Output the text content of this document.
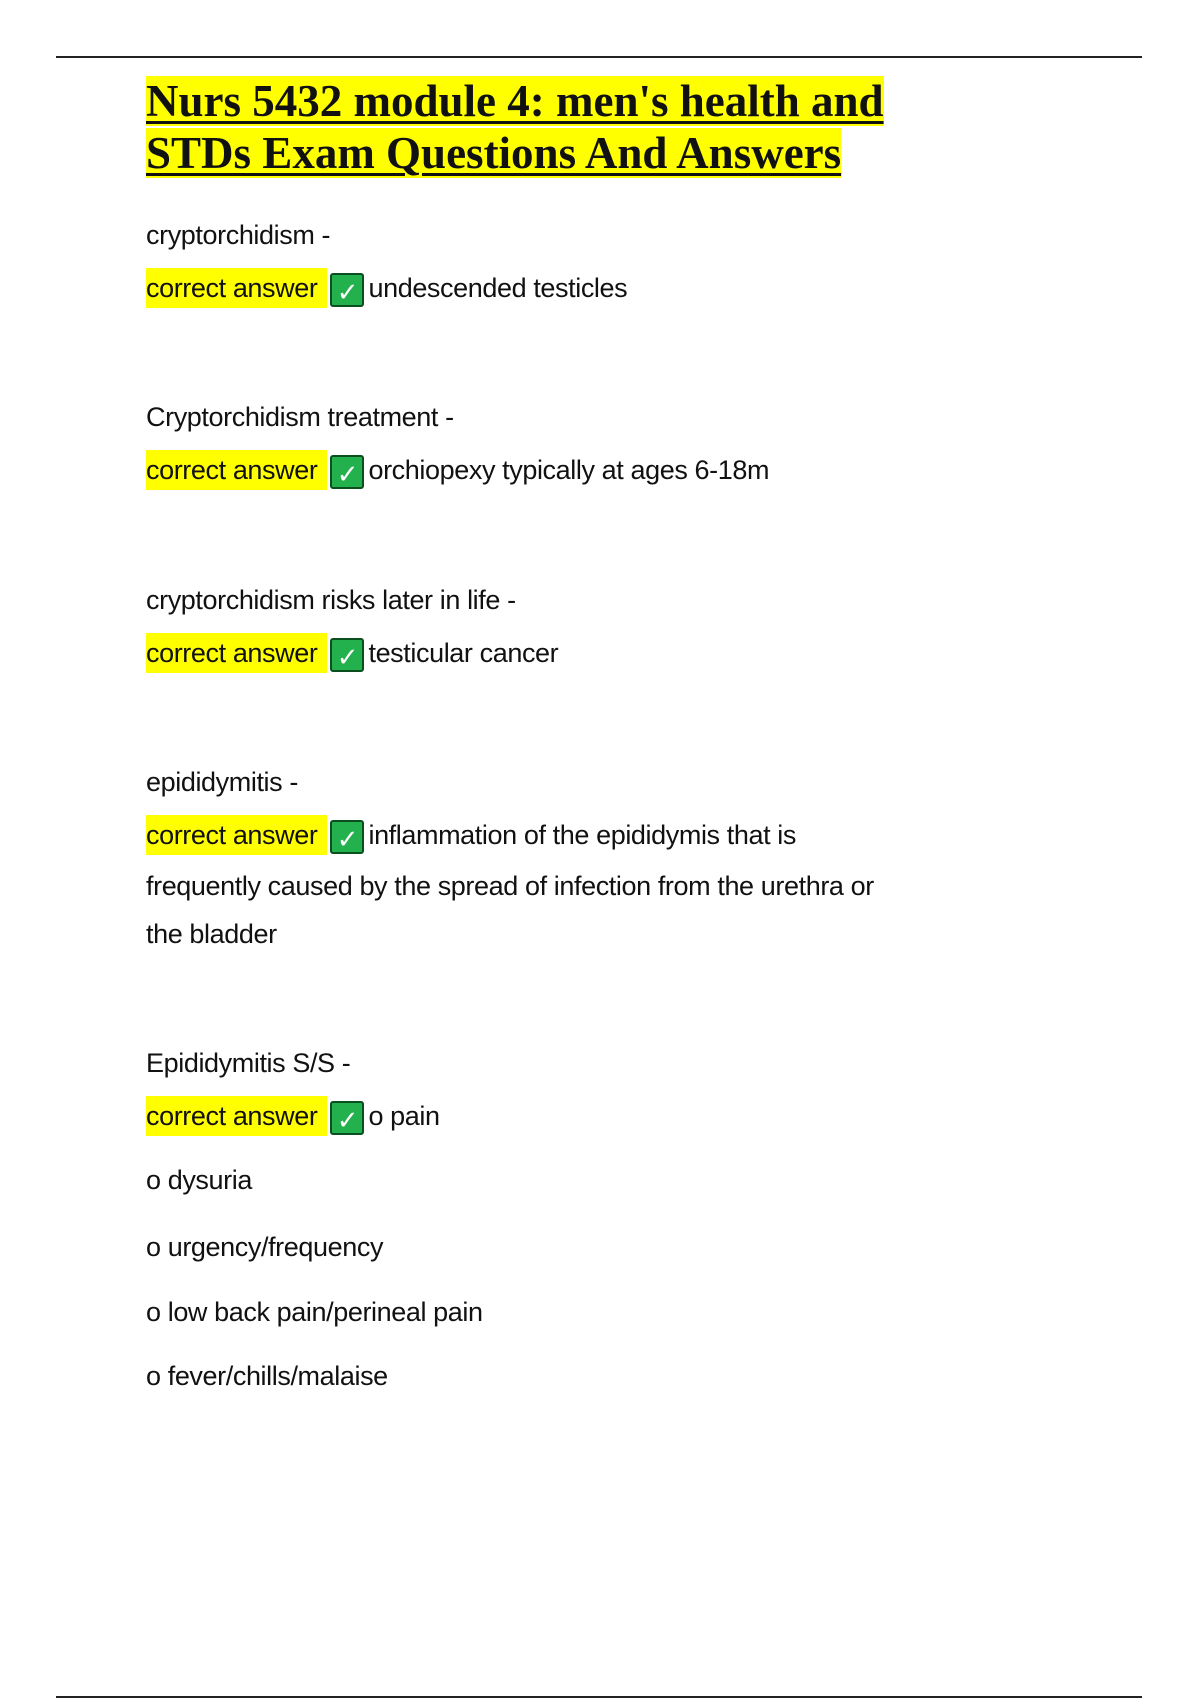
Nurs 5432 module 4: men's health and
STDs Exam Questions And Answers
cryptorchidism -
correct answer ✓ undescended testicles
Cryptorchidism treatment -
correct answer ✓ orchiopexy typically at ages 6-18m
cryptorchidism risks later in life -
correct answer ✓ testicular cancer
epididymitis -
correct answer ✓ inflammation of the epididymis that is
frequently caused by the spread of infection from the urethra or
the bladder
Epididymitis S/S -
correct answer ✓ o pain
o dysuria
o urgency/frequency
o low back pain/perineal pain
o fever/chills/malaise
